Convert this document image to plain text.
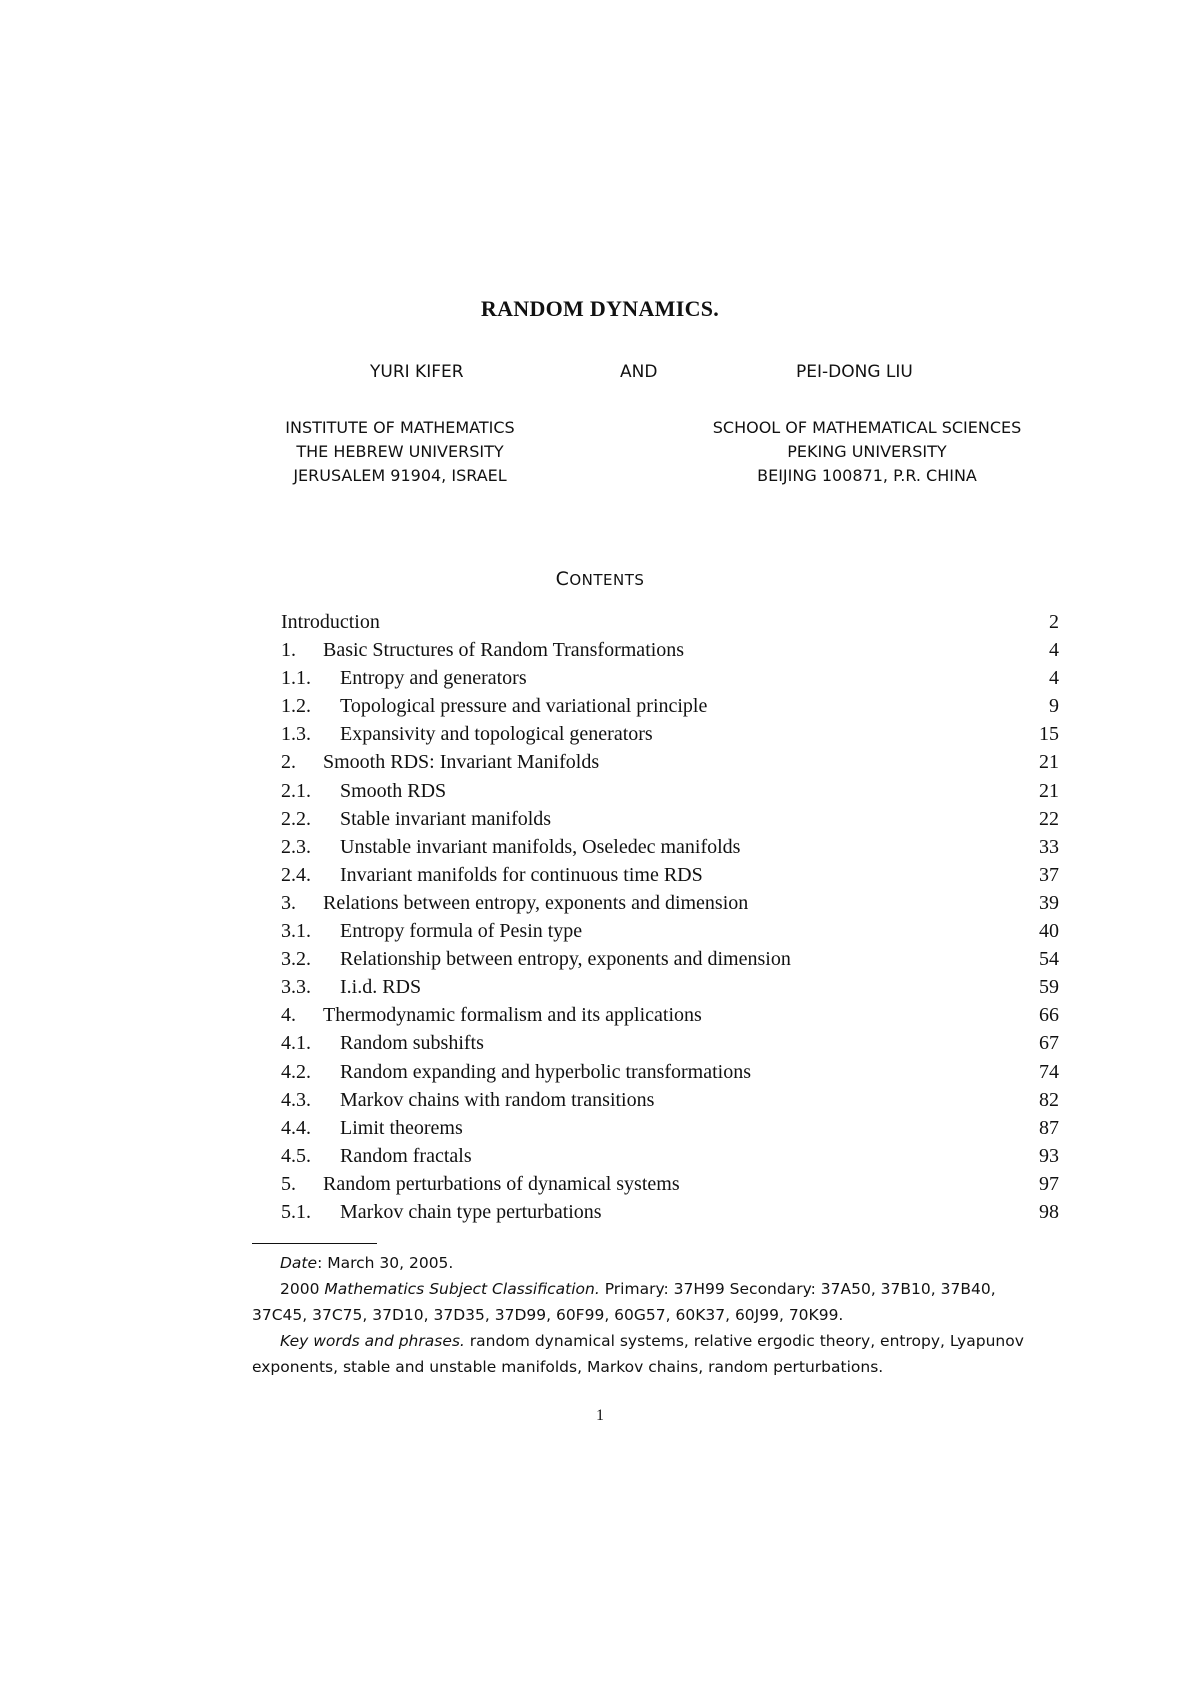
RANDOM DYNAMICS.
YURI KIFER	AND	PEI-DONG LIU
INSTITUTE OF MATHEMATICS
THE HEBREW UNIVERSITY
JERUSALEM 91904, ISRAEL
SCHOOL OF MATHEMATICAL SCIENCES
PEKING UNIVERSITY
BEIJING 100871, P.R. CHINA
CONTENTS
Introduction	2
1. Basic Structures of Random Transformations	4
1.1. Entropy and generators	4
1.2. Topological pressure and variational principle	9
1.3. Expansivity and topological generators	15
2. Smooth RDS: Invariant Manifolds	21
2.1. Smooth RDS	21
2.2. Stable invariant manifolds	22
2.3. Unstable invariant manifolds, Oseledec manifolds	33
2.4. Invariant manifolds for continuous time RDS	37
3. Relations between entropy, exponents and dimension	39
3.1. Entropy formula of Pesin type	40
3.2. Relationship between entropy, exponents and dimension	54
3.3. I.i.d. RDS	59
4. Thermodynamic formalism and its applications	66
4.1. Random subshifts	67
4.2. Random expanding and hyperbolic transformations	74
4.3. Markov chains with random transitions	82
4.4. Limit theorems	87
4.5. Random fractals	93
5. Random perturbations of dynamical systems	97
5.1. Markov chain type perturbations	98
Date: March 30, 2005.
2000 Mathematics Subject Classification. Primary: 37H99 Secondary: 37A50, 37B10, 37B40,
37C45, 37C75, 37D10, 37D35, 37D99, 60F99, 60G57, 60K37, 60J99, 70K99.
Key words and phrases. random dynamical systems, relative ergodic theory, entropy, Lyapunov
exponents, stable and unstable manifolds, Markov chains, random perturbations.
1
